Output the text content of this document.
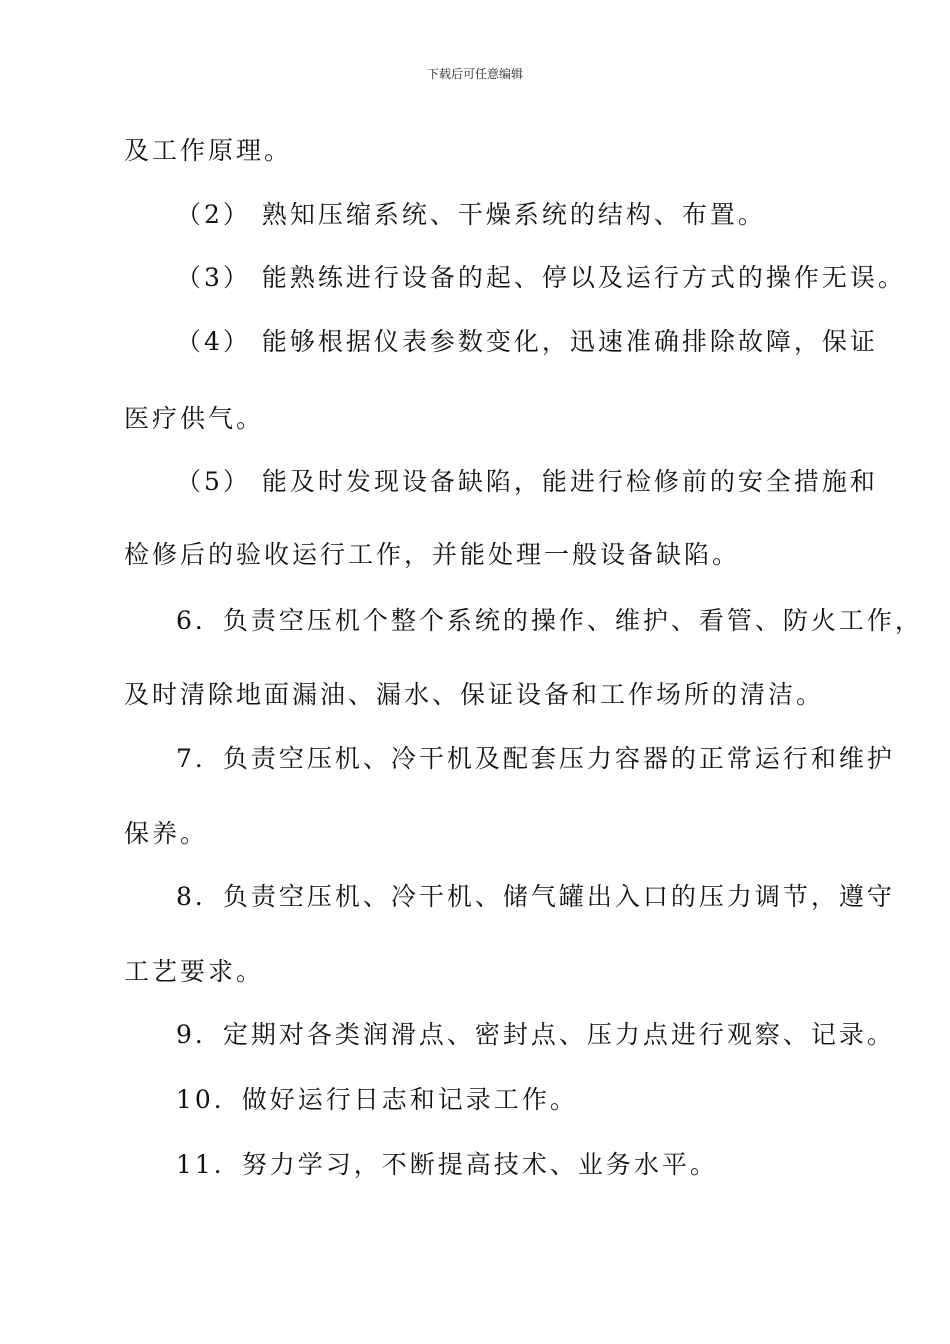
下载后可任意编辑
及工作原理。
（2） 熟知压缩系统、干燥系统的结构、布置。
（3） 能熟练进行设备的起、停以及运行方式的操作无误。
（4） 能够根据仪表参数变化，迅速准确排除故障，保证
医疗供气。
（5） 能及时发现设备缺陷，能进行检修前的安全措施和
检修后的验收运行工作，并能处理一般设备缺陷。
6．负责空压机个整个系统的操作、维护、看管、防火工作，
及时清除地面漏油、漏水、保证设备和工作场所的清洁。
7．负责空压机、冷干机及配套压力容器的正常运行和维护
保养。
8．负责空压机、冷干机、储气罐出入口的压力调节，遵守
工艺要求。
9．定期对各类润滑点、密封点、压力点进行观察、记录。
10．做好运行日志和记录工作。
11．努力学习，不断提高技术、业务水平。
